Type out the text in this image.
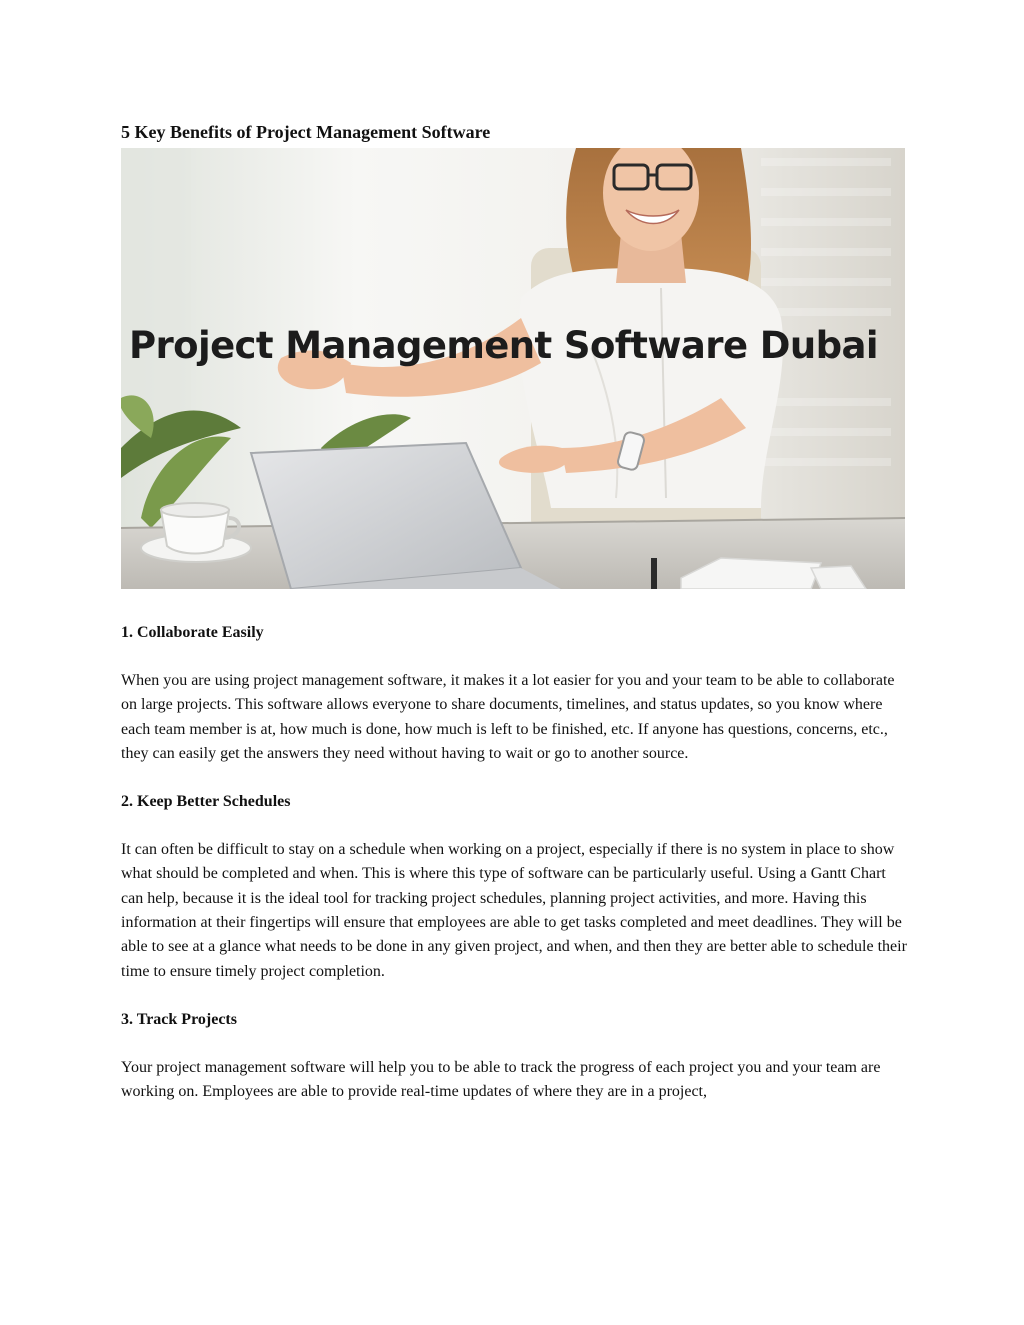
5 Key Benefits of Project Management Software
Project Management Software Dubai
1. Collaborate Easily

When you are using project management software, it makes it a lot easier for you and your team to be able to collaborate on large projects. This software allows everyone to share documents, timelines, and status updates, so you know where each team member is at, how much is done, how much is left to be finished, etc. If anyone has questions, concerns, etc., they can easily get the answers they need without having to wait or go to another source.

2. Keep Better Schedules

It can often be difficult to stay on a schedule when working on a project, especially if there is no system in place to show what should be completed and when. This is where this type of software can be particularly useful. Using a Gantt Chart can help, because it is the ideal tool for tracking project schedules, planning project activities, and more. Having this information at their fingertips will ensure that employees are able to get tasks completed and meet deadlines. They will be able to see at a glance what needs to be done in any given project, and when, and then they are better able to schedule their time to ensure timely project completion.

3. Track Projects

Your project management software will help you to be able to track the progress of each project you and your team are working on. Employees are able to provide real-time updates of where they are in a project,
